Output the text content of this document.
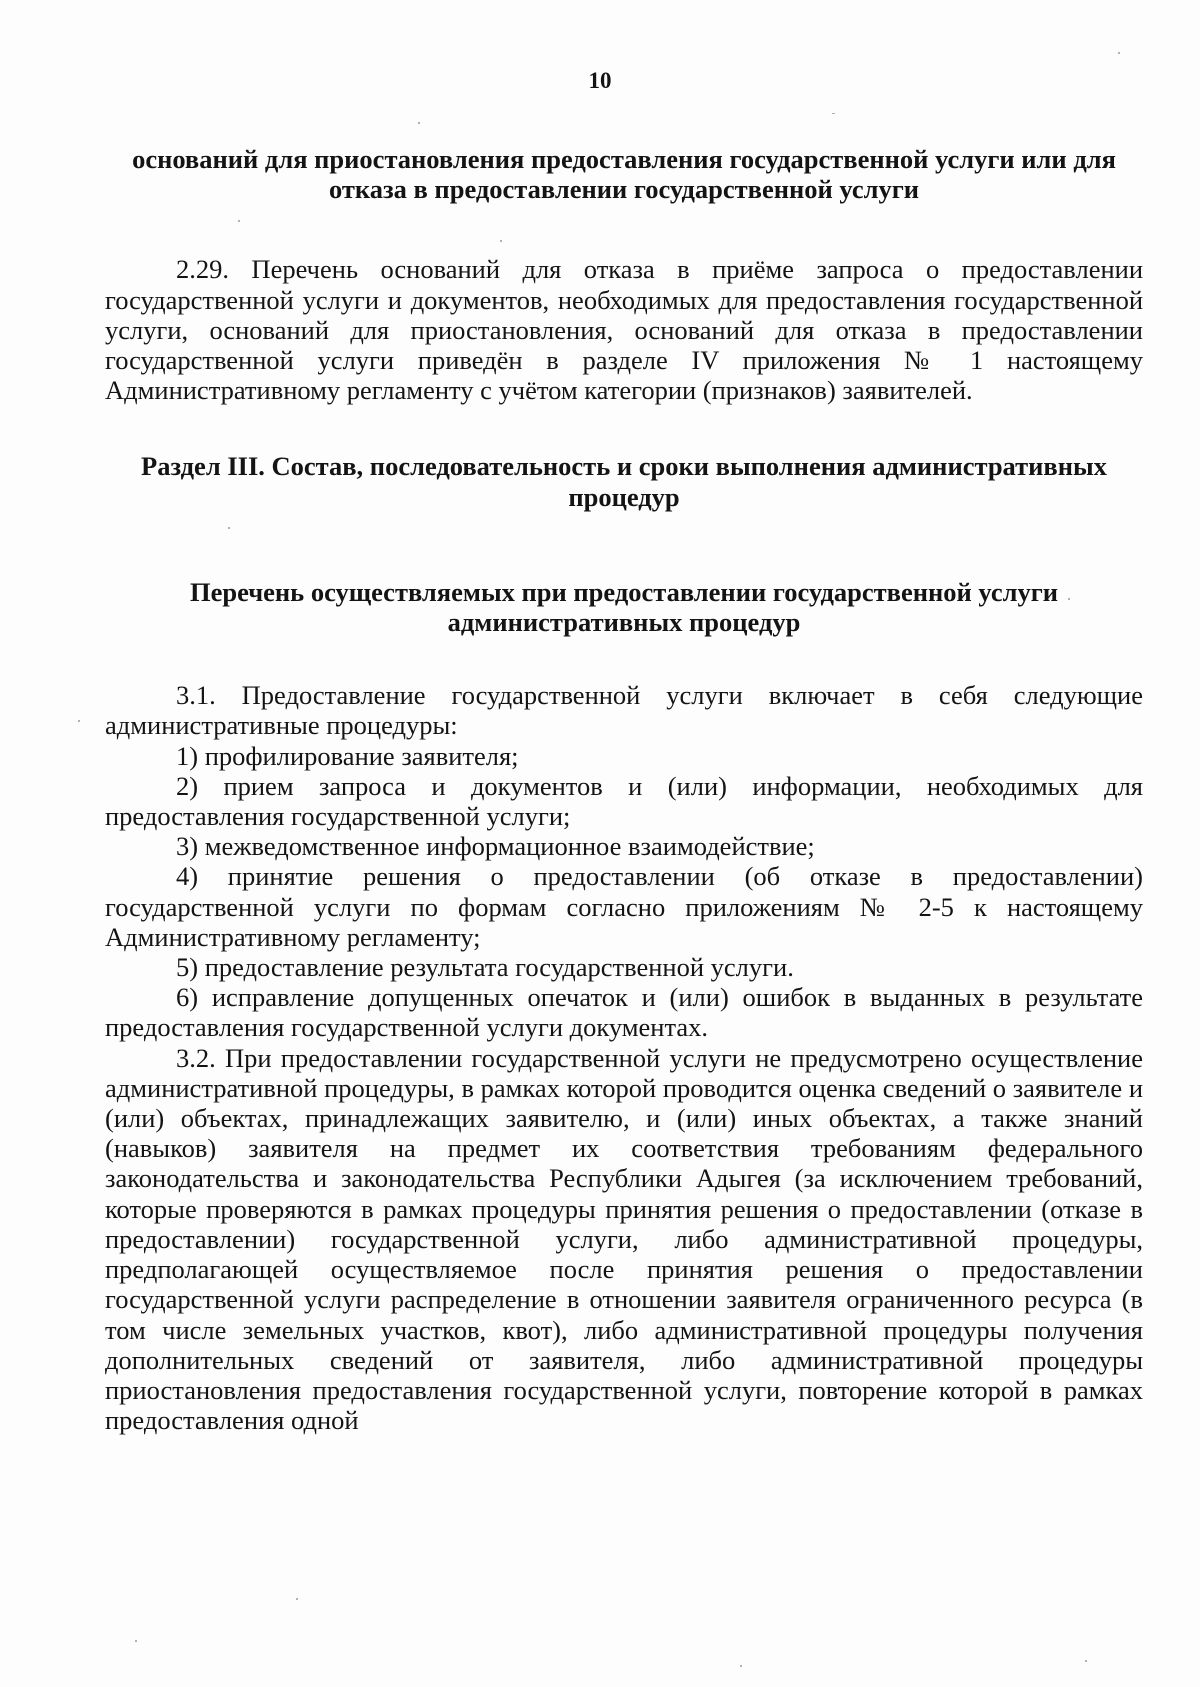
10

оснований для приостановления предоставления государственной услуги или для отказа в предоставлении государственной услуги

2.29. Перечень оснований для отказа в приёме запроса о предоставлении государственной услуги и документов, необходимых для предоставления государственной услуги, оснований для приостановления, оснований для отказа в предоставлении государственной услуги приведён в разделе IV приложения № 1 настоящему Административному регламенту с учётом категории (признаков) заявителей.

Раздел III. Состав, последовательность и сроки выполнения административных процедур

Перечень осуществляемых при предоставлении государственной услуги административных процедур

3.1. Предоставление государственной услуги включает в себя следующие административные процедуры:

1) профилирование заявителя;

2) прием запроса и документов и (или) информации, необходимых для предоставления государственной услуги;

3) межведомственное информационное взаимодействие;

4) принятие решения о предоставлении (об отказе в предоставлении) государственной услуги по формам согласно приложениям № 2-5 к настоящему Административному регламенту;

5) предоставление результата государственной услуги.

6) исправление допущенных опечаток и (или) ошибок в выданных в результате предоставления государственной услуги документах.

3.2. При предоставлении государственной услуги не предусмотрено осуществление административной процедуры, в рамках которой проводится оценка сведений о заявителе и (или) объектах, принадлежащих заявителю, и (или) иных объектах, а также знаний (навыков) заявителя на предмет их соответствия требованиям федерального законодательства и законодательства Республики Адыгея (за исключением требований, которые проверяются в рамках процедуры принятия решения о предоставлении (отказе в предоставлении) государственной услуги, либо административной процедуры, предполагающей осуществляемое после принятия решения о предоставлении государственной услуги распределение в отношении заявителя ограниченного ресурса (в том числе земельных участков, квот), либо административной процедуры получения дополнительных сведений от заявителя, либо административной процедуры приостановления предоставления государственной услуги, повторение которой в рамках предоставления одной
